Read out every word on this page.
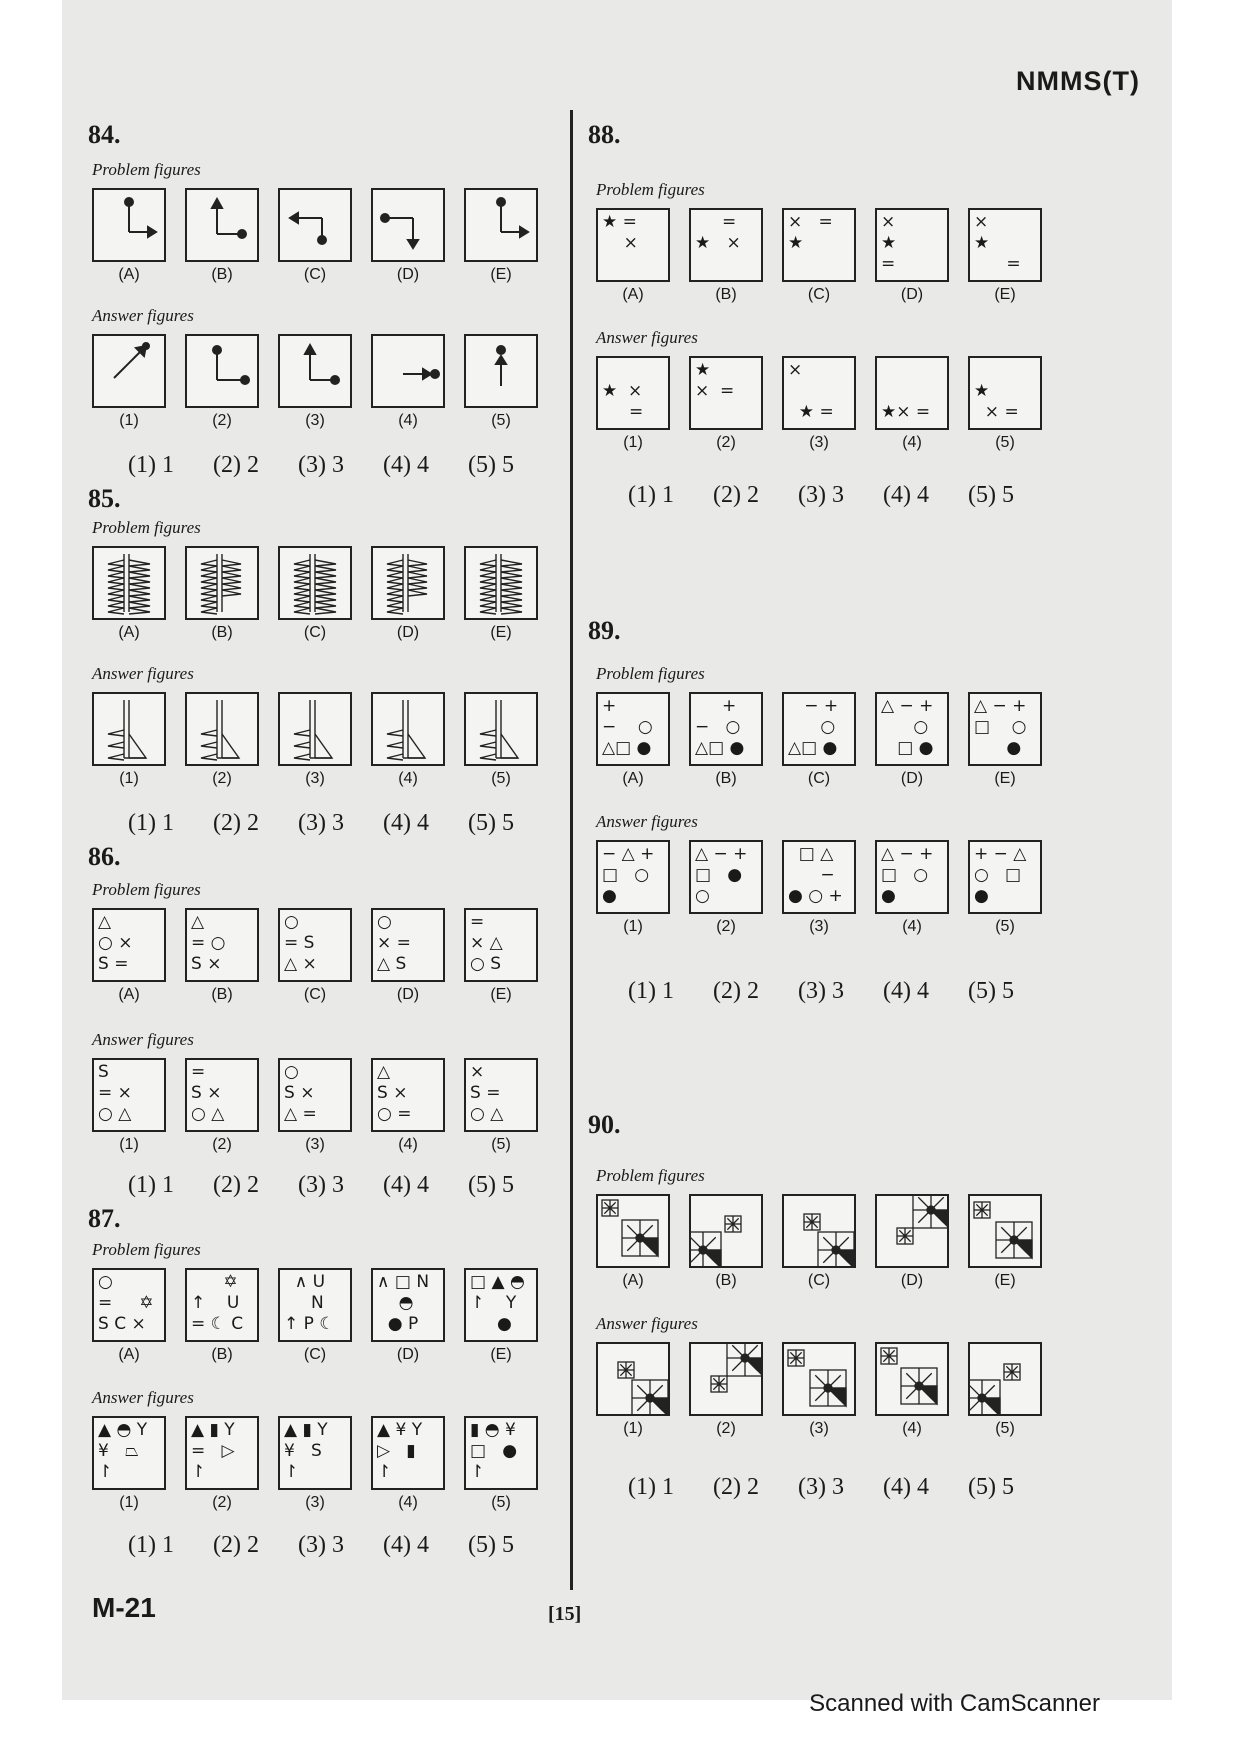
NMMS(T)
84.
Problem figures
(A)	(B)	(C)	(D)	(E)
Answer figures
(1)	(2)	(3)	(4)	(5)
(1) 1	(2) 2	(3) 3	(4) 4	(5) 5
85.
Problem figures
(A)	(B)	(C)	(D)	(E)
Answer figures
(1)	(2)	(3)	(4)	(5)
(1) 1	(2) 2	(3) 3	(4) 4	(5) 5
86.
Problem figures
△
○ ×
S =
(A)
△
= ○
S ×
(B)
○
= S
△ ×
(C)	○
× =
△ S
(D) =
× △
○ S
(E)
Answer figures
S
= ×
○ △
(1) =
S ×
○ △
(2)
○
S ×
△ =
(3)	△
S ×
○ =
(4) ×
S =
○ △
(5)
(1) 1	(2) 2	(3) 3	(4) 4	(5) 5
87.
Problem figures
○
=     ✡
S C ×
(A)
✡
↑    U
= ☾ C
(B)
∧ U
N
↑ P ☾
(C)
∧ □ N
◓
● P
(D)
□ ▲ ◓
↾    Y
●
(E)
Answer figures
▲ ◓ Y
¥   ⏢
↾
(1)
▲ ▮ Y
=   ▷
↾
(2)
▲ ▮ Y
¥   S
↾
(3)
▲ ¥ Y
▷   ▮
↾
(4)
▮ ◓ ¥
□   ●
↾
(5)
(1) 1	(2) 2	(3) 3	(4) 4	(5) 5
88.
Problem figures
★ =
×
(A)
=
★   ×
(B)
×   =
★
(C)
×
★
=
(D)
×
★
=
(E)
Answer figures

★  ×
=
(1)
★
×  =
(2)
×

★ =
(3)

★× =
(4)

★
× =
(5)
(1) 1	(2) 2	(3) 3	(4) 4	(5) 5
89.
Problem figures
+
−    ○
△□ ●
(A)
+
−   ○
△□ ●
(B)
− +
○
△□ ●
(C)
△ − +
○
□ ●
(D)
△ − +
□    ○
●
(E)
Answer figures
− △ +
□   ○
●
(1)
△ − +
□   ●
○
(2)
□ △
−
● ○ +
(3)
△ − +
□   ○
●
(4)
+ − △
○   □
●
(5)
(1) 1	(2) 2	(3) 3	(4) 4	(5) 5
90.
Problem figures
(A)	(B)	(C)	(D)	(E)
Answer figures
(1)	(2)	(3)	(4)	(5)
(1) 1	(2) 2	(3) 3	(4) 4	(5) 5
M-21	[15]
Scanned with CamScanner
